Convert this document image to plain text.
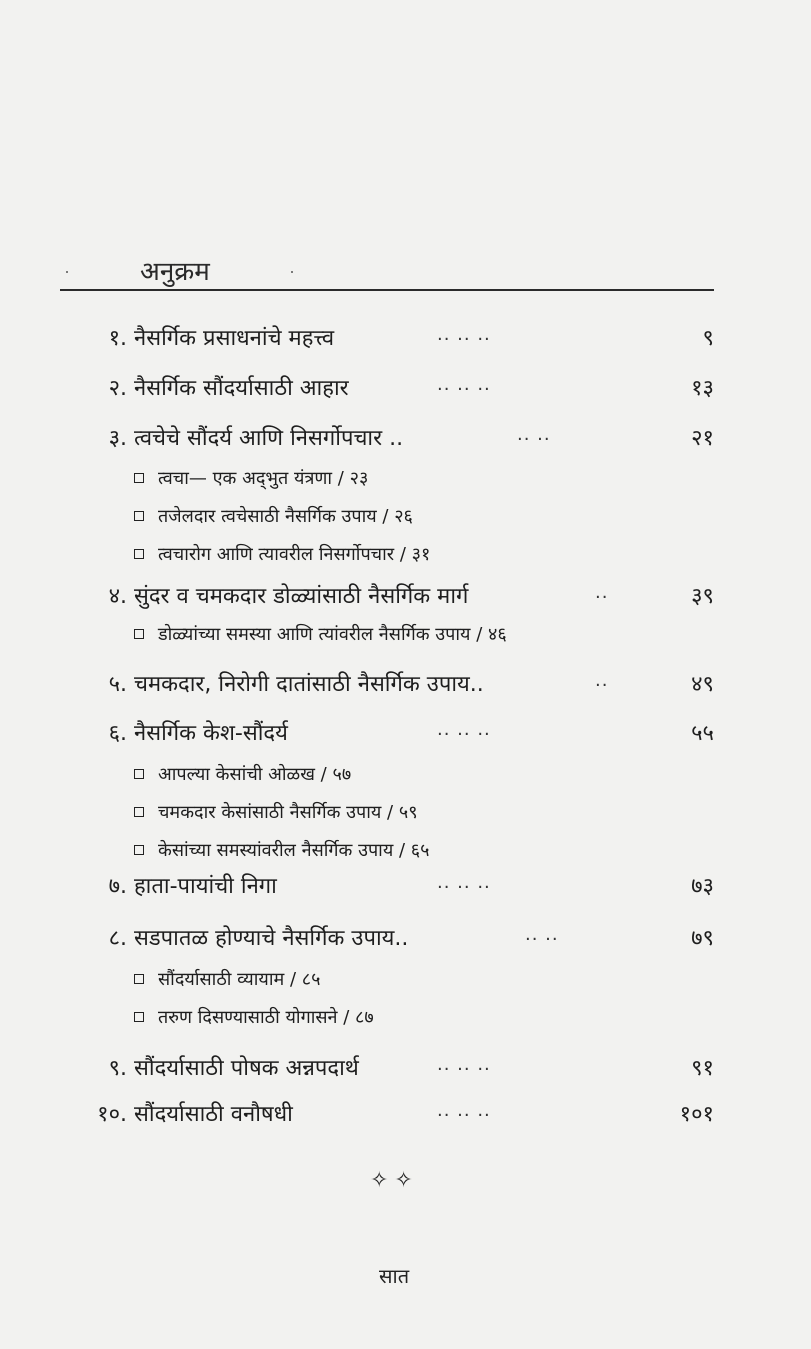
अनुक्रम
१. नैसर्गिक प्रसाधनांचे महत्त्व	.. .. ..	९
२. नैसर्गिक सौंदर्यासाठी आहार	.. .. ..	१३
३. त्वचेचे सौंदर्य आणि निसर्गोपचार ..	.. ..	२१
त्वचा— एक अद्‌भुत यंत्रणा / २३
तजेलदार त्वचेसाठी नैसर्गिक उपाय / २६
त्वचारोग आणि त्यावरील निसर्गोपचार / ३१
४. सुंदर व चमकदार डोळ्यांसाठी नैसर्गिक मार्ग	..	३९
डोळ्यांच्या समस्या आणि त्यांवरील नैसर्गिक उपाय / ४६
५. चमकदार, निरोगी दातांसाठी नैसर्गिक उपाय..	..	४९
६. नैसर्गिक केश-सौंदर्य	.. .. ..	५५
आपल्या केसांची ओळख / ५७
चमकदार केसांसाठी नैसर्गिक उपाय / ५९
केसांच्या समस्यांवरील नैसर्गिक उपाय / ६५
७. हाता-पायांची निगा	.. .. ..	७३
८. सडपातळ होण्याचे नैसर्गिक उपाय..	.. ..	७९
सौंदर्यासाठी व्यायाम / ८५
तरुण दिसण्यासाठी योगासने / ८७
९. सौंदर्यासाठी पोषक अन्नपदार्थ	.. .. ..	९१
१०. सौंदर्यासाठी वनौषधी	.. .. ..	१०१
✧✧
सात
